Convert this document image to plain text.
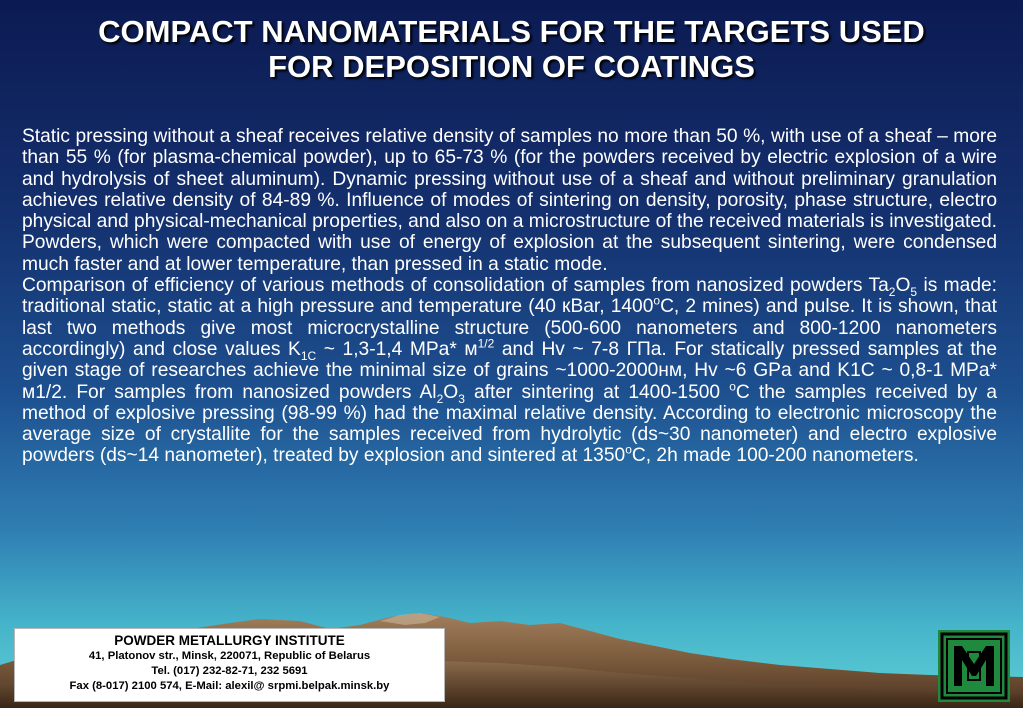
COMPACT NANOMATERIALS FOR THE TARGETS USED
FOR DEPOSITION OF COATINGS

Static pressing without a sheaf receives relative density of samples no more than 50 %, with use of a sheaf – more than 55 % (for plasma-chemical powder), up to 65-73 % (for the powders received by electric explosion of a wire and hydrolysis of sheet aluminum). Dynamic pressing without use of a sheaf and without preliminary granulation achieves relative density of 84-89 %. Influence of modes of sintering on density, porosity, phase structure, electro physical and physical-mechanical properties, and also on a microstructure of the received materials is investigated. Powders, which were compacted with use of energy of explosion at the subsequent sintering, were condensed much faster and at lower temperature, than pressed in a static mode.

Comparison of efficiency of various methods of consolidation of samples from nanosized powders $Ta_2O_5$ is made: traditional static, static at a high pressure and temperature (40 кBar, 1400$^o$C, 2 mines) and pulse. It is shown, that last two methods give most microcrystalline structure (500-600 nanometers and 800-1200 nanometers accordingly) and close values $K_{1C}$ ~ 1,3-1,4 MPa* $м^{1/2}$ and Hv ~ 7-8 ГПa. For statically pressed samples at the given stage of researches achieve the minimal size of grains ~1000-2000нм, Hv ~6 GPa and K1C ~ 0,8-1 MPa* м1/2. For samples from nanosized powders $Al_2O_3$ after sintering at 1400-1500 $^o$C the samples received by a method of explosive pressing (98-99 %) had the maximal relative density. According to electronic microscopy the average size of crystallite for the samples received from hydrolytic (ds~30 nanometer) and electro explosive powders (ds~14 nanometer), treated by explosion and sintered at 1350$^o$C, 2h made 100-200 nanometers.

POWDER METALLURGY INSTITUTE
41, Platonov str., Minsk, 220071, Republic of Belarus
Tel. (017) 232-82-71, 232 5691
Fax (8-017) 2100 574, E-Mail: alexil@ srpmi.belpak.minsk.by
